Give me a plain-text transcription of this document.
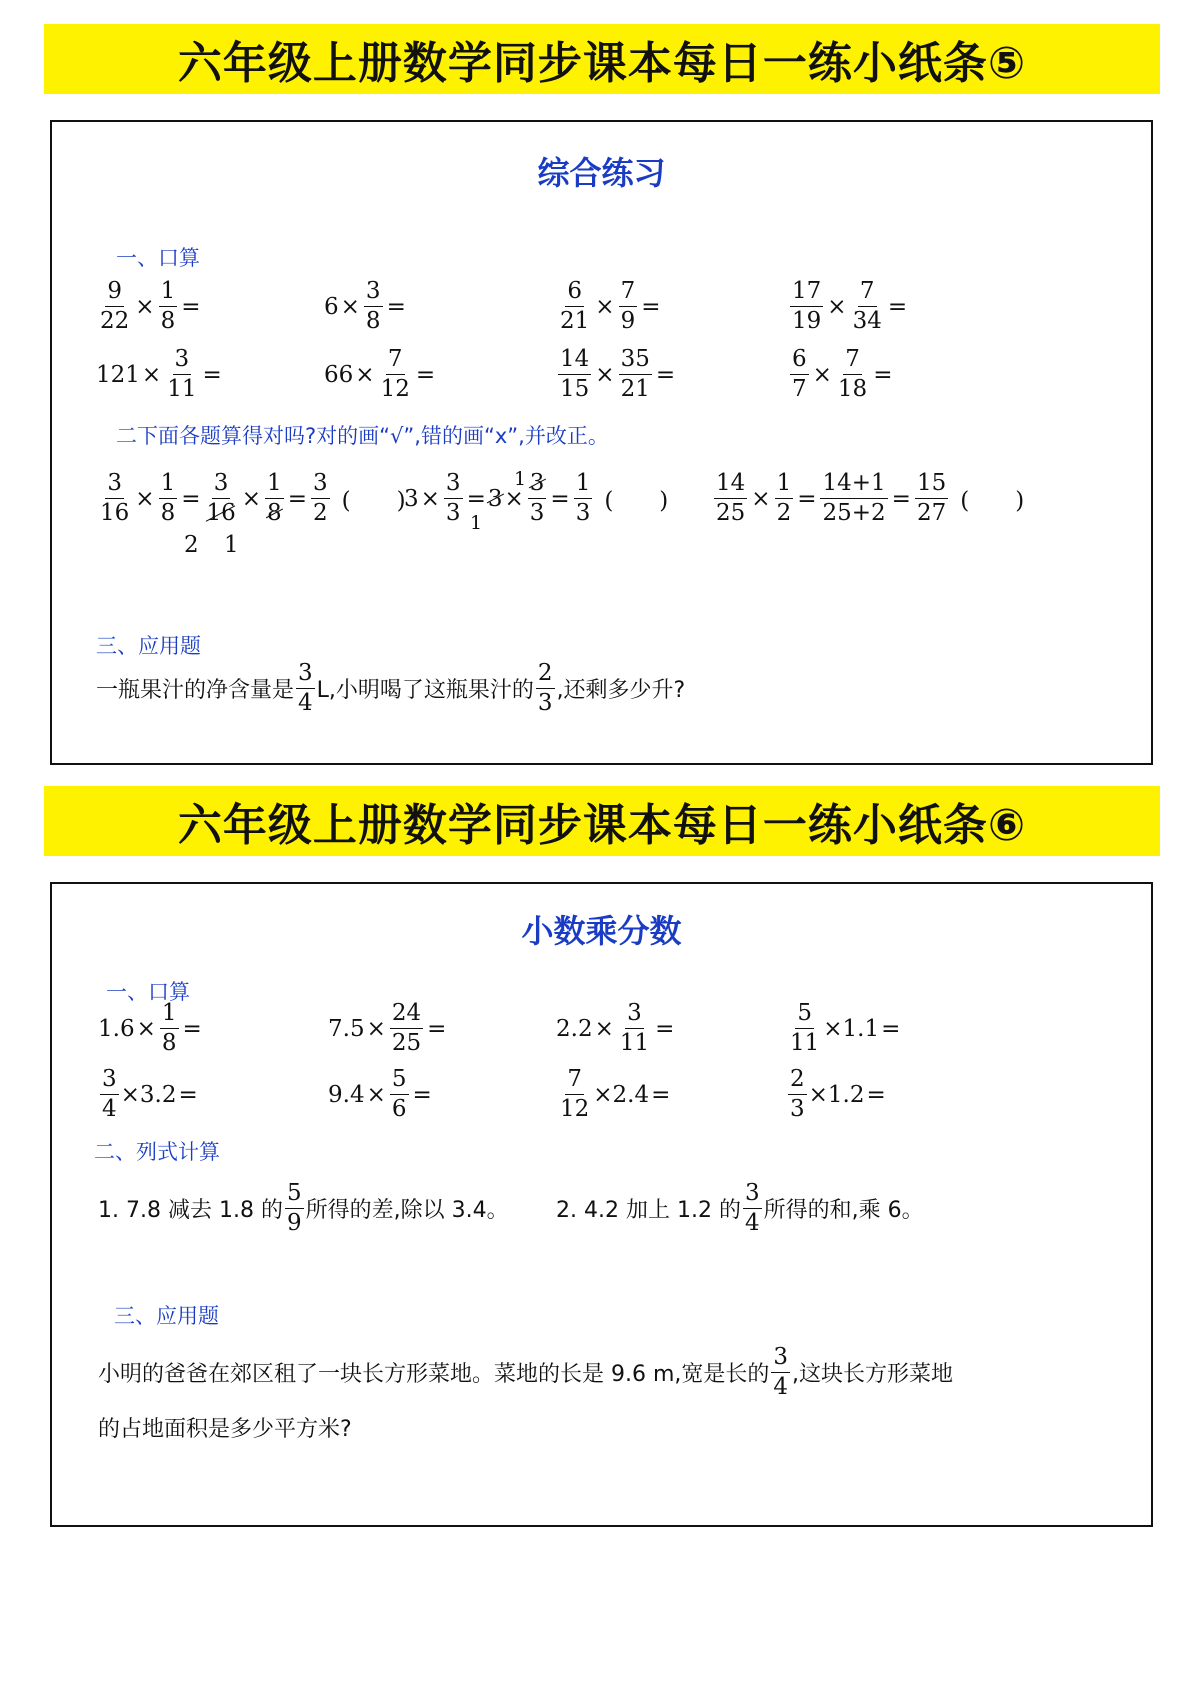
六年级上册数学同步课本每日一练小纸条⑤
综合练习
一、口算
$\frac{9}{22} \times \frac{1}{8}$ =	$6 \times \frac{3}{8}$ =	$\frac{6}{21} \times \frac{7}{9}$ =	$\frac{17}{19} \times \frac{7}{34}$ =
$121 \times \frac{3}{11}$ =	$66 \times \frac{7}{12}$ =	$\frac{14}{15} \times \frac{35}{21}$ =	$\frac{6}{7} \times \frac{7}{18}$ =
二下面各题算得对吗?对的画“√”,错的画“x”,并改正。
$\frac{3}{16} \times \frac{1}{8} = \frac{3}{16} \times \frac{1}{8} = \frac{3}{2}$ (　　)
2 1
$3 \times \frac{3}{3} = 3 \times \frac{3}{3} = \frac{1}{3}$ (　　)
1
1	$\frac{14}{25} \times \frac{1}{2} = \frac{14+1}{25+2} = \frac{15}{27}$ (　　)
三、应用题
一瓶果汁的净含量是 $\frac{3}{4} L$,小明喝了这瓶果汁的 $\frac{2}{3}$ ,还剩多少升?
六年级上册数学同步课本每日一练小纸条⑥
小数乘分数
一、口算
$1.6 \times \frac{1}{8}$ =	$7.5 \times \frac{24}{25}$ =	$2.2 \times \frac{3}{11}$ =	$\frac{5}{11} \times 1.1$ =
$\frac{3}{4} \times 3.2$ =	$9.4 \times \frac{5}{6}$ =	$\frac{7}{12} \times 2.4$ =	$\frac{2}{3} \times 1.2$ =
二、列式计算
1. 7.8 减去 1.8 的 $\frac{5}{9}$ 所得的差,除以 3.4。 2. 4.2 加上 1.2 的 $\frac{3}{4}$ 所得的和,乘 6。
三、应用题
小明的爸爸在郊区租了一块长方形菜地。菜地的长是 9.6 m,宽是长的 $\frac{3}{4}$ ,这块长方形菜地
的占地面积是多少平方米?
